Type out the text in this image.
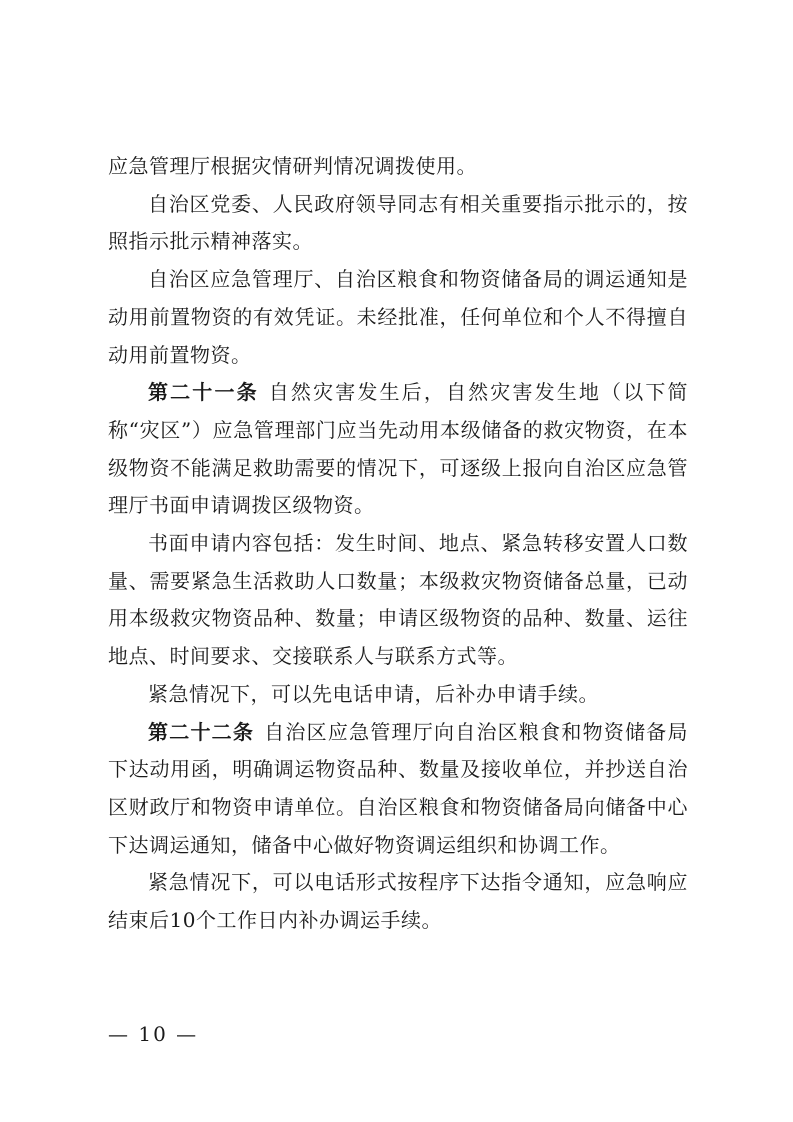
应急管理厅根据灾情研判情况调拨使用。

自治区党委、人民政府领导同志有相关重要指示批示的，按照指示批示精神落实。

自治区应急管理厅、自治区粮食和物资储备局的调运通知是动用前置物资的有效凭证。未经批准，任何单位和个人不得擅自动用前置物资。

第二十一条 自然灾害发生后，自然灾害发生地（以下简称“灾区”）应急管理部门应当先动用本级储备的救灾物资，在本级物资不能满足救助需要的情况下，可逐级上报向自治区应急管理厅书面申请调拨区级物资。

书面申请内容包括：发生时间、地点、紧急转移安置人口数量、需要紧急生活救助人口数量；本级救灾物资储备总量，已动用本级救灾物资品种、数量；申请区级物资的品种、数量、运往地点、时间要求、交接联系人与联系方式等。

紧急情况下，可以先电话申请，后补办申请手续。

第二十二条 自治区应急管理厅向自治区粮食和物资储备局下达动用函，明确调运物资品种、数量及接收单位，并抄送自治区财政厅和物资申请单位。自治区粮食和物资储备局向储备中心下达调运通知，储备中心做好物资调运组织和协调工作。

紧急情况下，可以电话形式按程序下达指令通知，应急响应结束后10个工作日内补办调运手续。

— 10 —
